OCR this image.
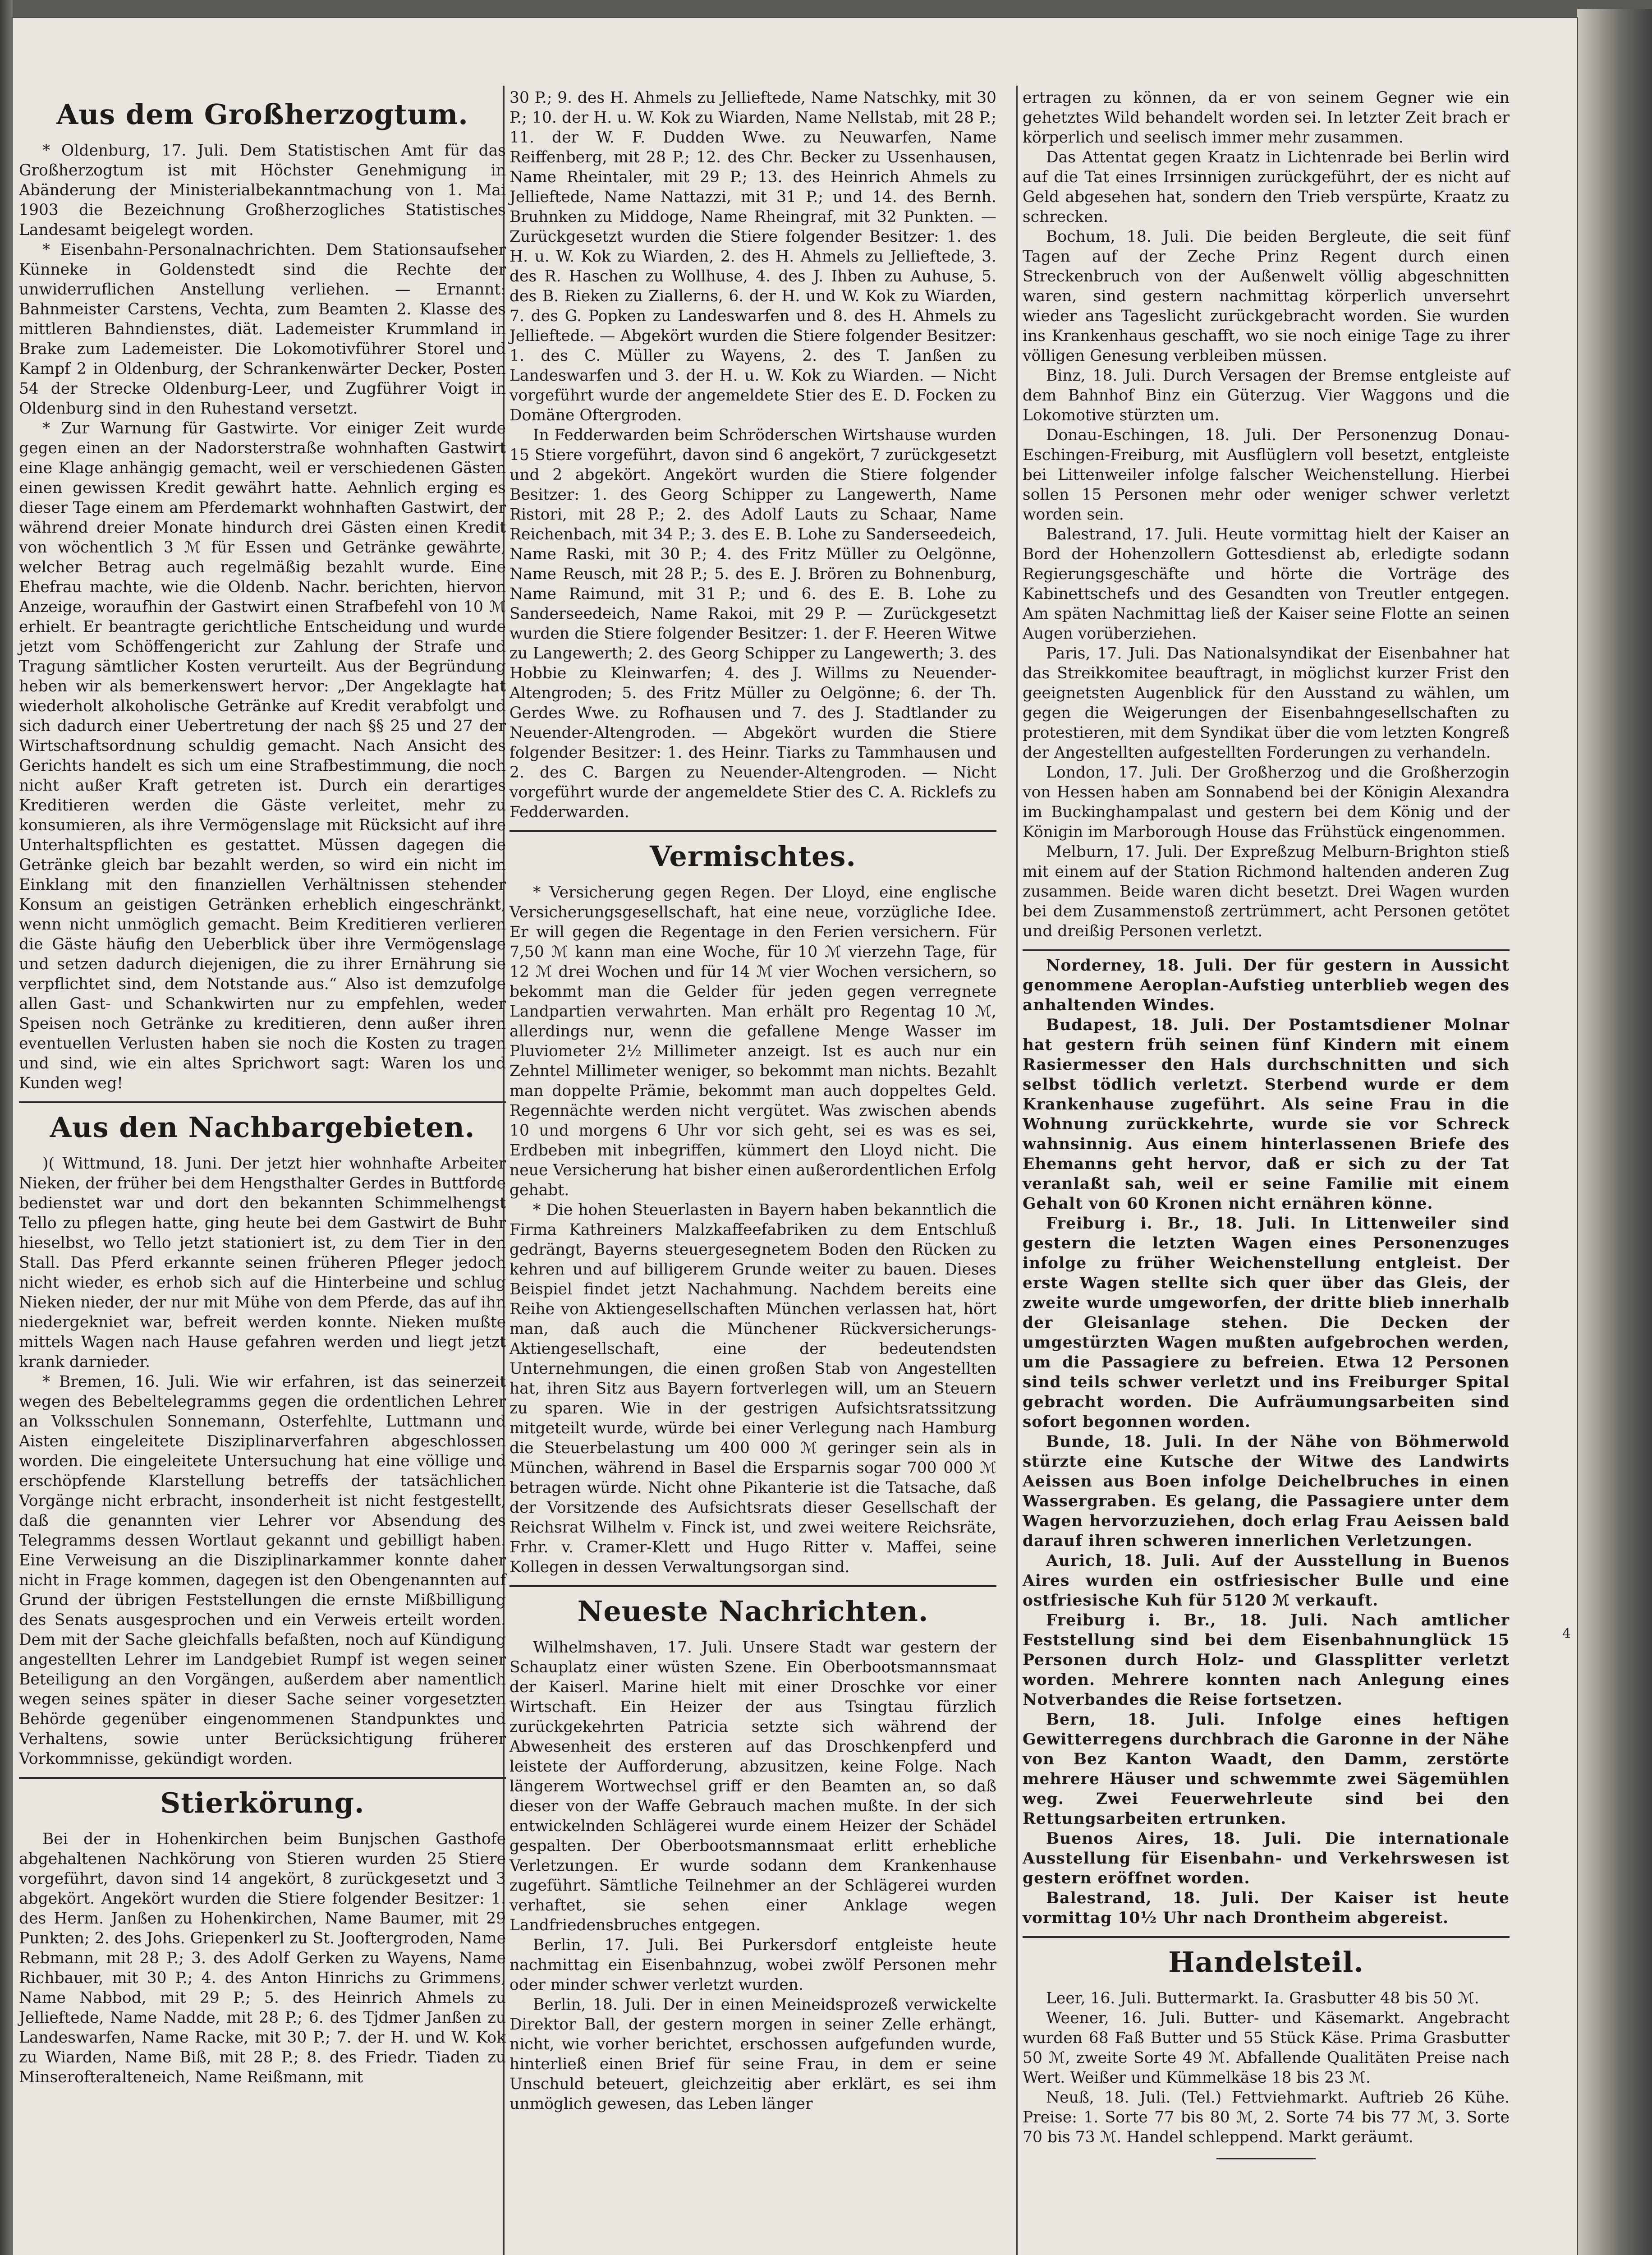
Aus dem Großherzogtum.

* Oldenburg, 17. Juli. Dem Statistischen Amt für das Großherzogtum ist mit Höchster Genehmigung in Abänderung der Ministerialbekanntmachung von 1. Mai 1903 die Bezeichnung Großherzogliches Statistisches Landesamt beigelegt worden.

* Eisenbahn-Personalnachrichten. Dem Stationsaufseher Künneke in Goldenstedt sind die Rechte der unwiderruflichen Anstellung verliehen. — Ernannt: Bahnmeister Carstens, Vechta, zum Beamten 2. Klasse des mittleren Bahndienstes, diät. Lademeister Krummland in Brake zum Lademeister. Die Lokomotivführer Storel und Kampf 2 in Oldenburg, der Schrankenwärter Decker, Posten 54 der Strecke Oldenburg-Leer, und Zugführer Voigt in Oldenburg sind in den Ruhestand versetzt.

* Zur Warnung für Gastwirte. Vor einiger Zeit wurde gegen einen an der Nadorsterstraße wohnhaften Gastwirt eine Klage anhängig gemacht, weil er verschiedenen Gästen einen gewissen Kredit gewährt hatte. Aehnlich erging es dieser Tage einem am Pferdemarkt wohnhaften Gastwirt, der während dreier Monate hindurch drei Gästen einen Kredit von wöchentlich 3 ℳ für Essen und Getränke gewährte, welcher Betrag auch regelmäßig bezahlt wurde. Eine Ehefrau machte, wie die Oldenb. Nachr. berichten, hiervon Anzeige, woraufhin der Gastwirt einen Strafbefehl von 10 ℳ erhielt. Er beantragte gerichtliche Entscheidung und wurde jetzt vom Schöffengericht zur Zahlung der Strafe und Tragung sämtlicher Kosten verurteilt. Aus der Begründung heben wir als bemerkenswert hervor: „Der Angeklagte hat wiederholt alkoholische Getränke auf Kredit verabfolgt und sich dadurch einer Uebertretung der nach §§ 25 und 27 der Wirtschaftsordnung schuldig gemacht. Nach Ansicht des Gerichts handelt es sich um eine Strafbestimmung, die noch nicht außer Kraft getreten ist. Durch ein derartiges Kreditieren werden die Gäste verleitet, mehr zu konsumieren, als ihre Vermögenslage mit Rücksicht auf ihre Unterhaltspflichten es gestattet. Müssen dagegen die Getränke gleich bar bezahlt werden, so wird ein nicht im Einklang mit den finanziellen Verhältnissen stehender Konsum an geistigen Getränken erheblich eingeschränkt, wenn nicht unmöglich gemacht. Beim Kreditieren verlieren die Gäste häufig den Ueberblick über ihre Vermögenslage und setzen dadurch diejenigen, die zu ihrer Ernährung sie verpflichtet sind, dem Notstande aus.“ Also ist demzufolge allen Gast- und Schankwirten nur zu empfehlen, weder Speisen noch Getränke zu kreditieren, denn außer ihren eventuellen Verlusten haben sie noch die Kosten zu tragen und sind, wie ein altes Sprichwort sagt: Waren los und Kunden weg!

Aus den Nachbargebieten.

)( Wittmund, 18. Juni. Der jetzt hier wohnhafte Arbeiter Nieken, der früher bei dem Hengsthalter Gerdes in Buttforde bedienstet war und dort den bekannten Schimmelhengst Tello zu pflegen hatte, ging heute bei dem Gastwirt de Buhr hieselbst, wo Tello jetzt stationiert ist, zu dem Tier in den Stall. Das Pferd erkannte seinen früheren Pfleger jedoch nicht wieder, es erhob sich auf die Hinterbeine und schlug Nieken nieder, der nur mit Mühe von dem Pferde, das auf ihn niedergekniet war, befreit werden konnte. Nieken mußte mittels Wagen nach Hause gefahren werden und liegt jetzt krank darnieder.

* Bremen, 16. Juli. Wie wir erfahren, ist das seinerzeit wegen des Bebeltelegramms gegen die ordentlichen Lehrer an Volksschulen Sonnemann, Osterfehlte, Luttmann und Aisten eingeleitete Disziplinarverfahren abgeschlossen worden. Die eingeleitete Untersuchung hat eine völlige und erschöpfende Klarstellung betreffs der tatsächlichen Vorgänge nicht erbracht, insonderheit ist nicht festgestellt, daß die genannten vier Lehrer vor Absendung des Telegramms dessen Wortlaut gekannt und gebilligt haben. Eine Verweisung an die Disziplinarkammer konnte daher nicht in Frage kommen, dagegen ist den Obengenannten auf Grund der übrigen Feststellungen die ernste Mißbilligung des Senats ausgesprochen und ein Verweis erteilt worden. Dem mit der Sache gleichfalls befaßten, noch auf Kündigung angestellten Lehrer im Landgebiet Rumpf ist wegen seiner Beteiligung an den Vorgängen, außerdem aber namentlich wegen seines später in dieser Sache seiner vorgesetzten Behörde gegenüber eingenommenen Standpunktes und Verhaltens, sowie unter Berücksichtigung früherer Vorkommnisse, gekündigt worden.

Stierkörung.

Bei der in Hohenkirchen beim Bunjschen Gasthofe abgehaltenen Nachkörung von Stieren wurden 25 Stiere vorgeführt, davon sind 14 angekört, 8 zurückgesetzt und 3 abgekört. Angekört wurden die Stiere folgender Besitzer: 1. des Herm. Janßen zu Hohenkirchen, Name Baumer, mit 29 Punkten; 2. des Johs. Griepenkerl zu St. Jooftergroden, Name Rebmann, mit 28 P.; 3. des Adolf Gerken zu Wayens, Name Richbauer, mit 30 P.; 4. des Anton Hinrichs zu Grimmens, Name Nabbod, mit 29 P.; 5. des Heinrich Ahmels zu Jellieftede, Name Nadde, mit 28 P.; 6. des Tjdmer Janßen zu Landeswarfen, Name Racke, mit 30 P.; 7. der H. und W. Kok zu Wiarden, Name Biß, mit 28 P.; 8. des Friedr. Tiaden zu Minserofteralteneich, Name Reißmann, mit

30 P.; 9. des H. Ahmels zu Jellieftede, Name Natschky, mit 30 P.; 10. der H. u. W. Kok zu Wiarden, Name Nellstab, mit 28 P.; 11. der W. F. Dudden Wwe. zu Neuwarfen, Name Reiffenberg, mit 28 P.; 12. des Chr. Becker zu Ussenhausen, Name Rheintaler, mit 29 P.; 13. des Heinrich Ahmels zu Jellieftede, Name Nattazzi, mit 31 P.; und 14. des Bernh. Bruhnken zu Middoge, Name Rheingraf, mit 32 Punkten. — Zurückgesetzt wurden die Stiere folgender Besitzer: 1. des H. u. W. Kok zu Wiarden, 2. des H. Ahmels zu Jellieftede, 3. des R. Haschen zu Wollhuse, 4. des J. Ihben zu Auhuse, 5. des B. Rieken zu Ziallerns, 6. der H. und W. Kok zu Wiarden, 7. des G. Popken zu Landeswarfen und 8. des H. Ahmels zu Jellieftede. — Abgekört wurden die Stiere folgender Besitzer: 1. des C. Müller zu Wayens, 2. des T. Janßen zu Landeswarfen und 3. der H. u. W. Kok zu Wiarden. — Nicht vorgeführt wurde der angemeldete Stier des E. D. Focken zu Domäne Oftergroden.

In Fedderwarden beim Schröderschen Wirtshause wurden 15 Stiere vorgeführt, davon sind 6 angekört, 7 zurückgesetzt und 2 abgekört. Angekört wurden die Stiere folgender Besitzer: 1. des Georg Schipper zu Langewerth, Name Ristori, mit 28 P.; 2. des Adolf Lauts zu Schaar, Name Reichenbach, mit 34 P.; 3. des E. B. Lohe zu Sanderseedeich, Name Raski, mit 30 P.; 4. des Fritz Müller zu Oelgönne, Name Reusch, mit 28 P.; 5. des E. J. Brören zu Bohnenburg, Name Raimund, mit 31 P.; und 6. des E. B. Lohe zu Sanderseedeich, Name Rakoi, mit 29 P. — Zurückgesetzt wurden die Stiere folgender Besitzer: 1. der F. Heeren Witwe zu Langewerth; 2. des Georg Schipper zu Langewerth; 3. des Hobbie zu Kleinwarfen; 4. des J. Willms zu Neuender-Altengroden; 5. des Fritz Müller zu Oelgönne; 6. der Th. Gerdes Wwe. zu Rofhausen und 7. des J. Stadtlander zu Neuender-Altengroden. — Abgekört wurden die Stiere folgender Besitzer: 1. des Heinr. Tiarks zu Tammhausen und 2. des C. Bargen zu Neuender-Altengroden. — Nicht vorgeführt wurde der angemeldete Stier des C. A. Ricklefs zu Fedderwarden.

Vermischtes.

* Versicherung gegen Regen. Der Lloyd, eine englische Versicherungsgesellschaft, hat eine neue, vorzügliche Idee. Er will gegen die Regentage in den Ferien versichern. Für 7,50 ℳ kann man eine Woche, für 10 ℳ vierzehn Tage, für 12 ℳ drei Wochen und für 14 ℳ vier Wochen versichern, so bekommt man die Gelder für jeden gegen verregnete Landpartien verwahrten. Man erhält pro Regentag 10 ℳ, allerdings nur, wenn die gefallene Menge Wasser im Pluviometer 2½ Millimeter anzeigt. Ist es auch nur ein Zehntel Millimeter weniger, so bekommt man nichts. Bezahlt man doppelte Prämie, bekommt man auch doppeltes Geld. Regennächte werden nicht vergütet. Was zwischen abends 10 und morgens 6 Uhr vor sich geht, sei es was es sei, Erdbeben mit inbegriffen, kümmert den Lloyd nicht. Die neue Versicherung hat bisher einen außerordentlichen Erfolg gehabt.

* Die hohen Steuerlasten in Bayern haben bekanntlich die Firma Kathreiners Malzkaffeefabriken zu dem Entschluß gedrängt, Bayerns steuergesegnetem Boden den Rücken zu kehren und auf billigerem Grunde weiter zu bauen. Dieses Beispiel findet jetzt Nachahmung. Nachdem bereits eine Reihe von Aktiengesellschaften München verlassen hat, hört man, daß auch die Münchener Rückversicherungs-Aktiengesellschaft, eine der bedeutendsten Unternehmungen, die einen großen Stab von Angestellten hat, ihren Sitz aus Bayern fortverlegen will, um an Steuern zu sparen. Wie in der gestrigen Aufsichtsratssitzung mitgeteilt wurde, würde bei einer Verlegung nach Hamburg die Steuerbelastung um 400 000 ℳ geringer sein als in München, während in Basel die Ersparnis sogar 700 000 ℳ betragen würde. Nicht ohne Pikanterie ist die Tatsache, daß der Vorsitzende des Aufsichtsrats dieser Gesellschaft der Reichsrat Wilhelm v. Finck ist, und zwei weitere Reichsräte, Frhr. v. Cramer-Klett und Hugo Ritter v. Maffei, seine Kollegen in dessen Verwaltungsorgan sind.

Neueste Nachrichten.

Wilhelmshaven, 17. Juli. Unsere Stadt war gestern der Schauplatz einer wüsten Szene. Ein Oberbootsmannsmaat der Kaiserl. Marine hielt mit einer Droschke vor einer Wirtschaft. Ein Heizer der aus Tsingtau fürzlich zurückgekehrten Patricia setzte sich während der Abwesenheit des ersteren auf das Droschkenpferd und leistete der Aufforderung, abzusitzen, keine Folge. Nach längerem Wortwechsel griff er den Beamten an, so daß dieser von der Waffe Gebrauch machen mußte. In der sich entwickelnden Schlägerei wurde einem Heizer der Schädel gespalten. Der Oberbootsmannsmaat erlitt erhebliche Verletzungen. Er wurde sodann dem Krankenhause zugeführt. Sämtliche Teilnehmer an der Schlägerei wurden verhaftet, sie sehen einer Anklage wegen Landfriedensbruches entgegen.

Berlin, 17. Juli. Bei Purkersdorf entgleiste heute nachmittag ein Eisenbahnzug, wobei zwölf Personen mehr oder minder schwer verletzt wurden.

Berlin, 18. Juli. Der in einen Meineidsprozeß verwickelte Direktor Ball, der gestern morgen in seiner Zelle erhängt, nicht, wie vorher berichtet, erschossen aufgefunden wurde, hinterließ einen Brief für seine Frau, in dem er seine Unschuld beteuert, gleichzeitig aber erklärt, es sei ihm unmöglich gewesen, das Leben länger

ertragen zu können, da er von seinem Gegner wie ein gehetztes Wild behandelt worden sei. In letzter Zeit brach er körperlich und seelisch immer mehr zusammen.

Das Attentat gegen Kraatz in Lichtenrade bei Berlin wird auf die Tat eines Irrsinnigen zurückgeführt, der es nicht auf Geld abgesehen hat, sondern den Trieb verspürte, Kraatz zu schrecken.

Bochum, 18. Juli. Die beiden Bergleute, die seit fünf Tagen auf der Zeche Prinz Regent durch einen Streckenbruch von der Außenwelt völlig abgeschnitten waren, sind gestern nachmittag körperlich unversehrt wieder ans Tageslicht zurückgebracht worden. Sie wurden ins Krankenhaus geschafft, wo sie noch einige Tage zu ihrer völligen Genesung verbleiben müssen.

Binz, 18. Juli. Durch Versagen der Bremse entgleiste auf dem Bahnhof Binz ein Güterzug. Vier Waggons und die Lokomotive stürzten um.

Donau-Eschingen, 18. Juli. Der Personenzug Donau-Eschingen-Freiburg, mit Ausflüglern voll besetzt, entgleiste bei Littenweiler infolge falscher Weichenstellung. Hierbei sollen 15 Personen mehr oder weniger schwer verletzt worden sein.

Balestrand, 17. Juli. Heute vormittag hielt der Kaiser an Bord der Hohenzollern Gottesdienst ab, erledigte sodann Regierungsgeschäfte und hörte die Vorträge des Kabinettschefs und des Gesandten von Treutler entgegen. Am späten Nachmittag ließ der Kaiser seine Flotte an seinen Augen vorüberziehen.

Paris, 17. Juli. Das Nationalsyndikat der Eisenbahner hat das Streikkomitee beauftragt, in möglichst kurzer Frist den geeignetsten Augenblick für den Ausstand zu wählen, um gegen die Weigerungen der Eisenbahngesellschaften zu protestieren, mit dem Syndikat über die vom letzten Kongreß der Angestellten aufgestellten Forderungen zu verhandeln.

London, 17. Juli. Der Großherzog und die Großherzogin von Hessen haben am Sonnabend bei der Königin Alexandra im Buckinghampalast und gestern bei dem König und der Königin im Marborough House das Frühstück eingenommen.

Melburn, 17. Juli. Der Expreßzug Melburn-Brighton stieß mit einem auf der Station Richmond haltenden anderen Zug zusammen. Beide waren dicht besetzt. Drei Wagen wurden bei dem Zusammenstoß zertrümmert, acht Personen getötet und dreißig Personen verletzt.

Norderney, 18. Juli. Der für gestern in Aussicht genommene Aeroplan-Aufstieg unterblieb wegen des anhaltenden Windes.

Budapest, 18. Juli. Der Postamtsdiener Molnar hat gestern früh seinen fünf Kindern mit einem Rasiermesser den Hals durchschnitten und sich selbst tödlich verletzt. Sterbend wurde er dem Krankenhause zugeführt. Als seine Frau in die Wohnung zurückkehrte, wurde sie vor Schreck wahnsinnig. Aus einem hinterlassenen Briefe des Ehemanns geht hervor, daß er sich zu der Tat veranlaßt sah, weil er seine Familie mit einem Gehalt von 60 Kronen nicht ernähren könne.

Freiburg i. Br., 18. Juli. In Littenweiler sind gestern die letzten Wagen eines Personenzuges infolge zu früher Weichenstellung entgleist. Der erste Wagen stellte sich quer über das Gleis, der zweite wurde umgeworfen, der dritte blieb innerhalb der Gleisanlage stehen. Die Decken der umgestürzten Wagen mußten aufgebrochen werden, um die Passagiere zu befreien. Etwa 12 Personen sind teils schwer verletzt und ins Freiburger Spital gebracht worden. Die Aufräumungsarbeiten sind sofort begonnen worden.

Bunde, 18. Juli. In der Nähe von Böhmerwold stürzte eine Kutsche der Witwe des Landwirts Aeissen aus Boen infolge Deichelbruches in einen Wassergraben. Es gelang, die Passagiere unter dem Wagen hervorzuziehen, doch erlag Frau Aeissen bald darauf ihren schweren innerlichen Verletzungen.

Aurich, 18. Juli. Auf der Ausstellung in Buenos Aires wurden ein ostfriesischer Bulle und eine ostfriesische Kuh für 5120 ℳ verkauft.

Freiburg i. Br., 18. Juli. Nach amtlicher Feststellung sind bei dem Eisenbahnunglück 15 Personen durch Holz- und Glassplitter verletzt worden. Mehrere konnten nach Anlegung eines Notverbandes die Reise fortsetzen.

Bern, 18. Juli. Infolge eines heftigen Gewitterregens durchbrach die Garonne in der Nähe von Bez Kanton Waadt, den Damm, zerstörte mehrere Häuser und schwemmte zwei Sägemühlen weg. Zwei Feuerwehrleute sind bei den Rettungsarbeiten ertrunken.

Buenos Aires, 18. Juli. Die internationale Ausstellung für Eisenbahn- und Verkehrswesen ist gestern eröffnet worden.

Balestrand, 18. Juli. Der Kaiser ist heute vormittag 10½ Uhr nach Drontheim abgereist.

Handelsteil.

Leer, 16. Juli. Buttermarkt. Ia. Grasbutter 48 bis 50 ℳ.

Weener, 16. Juli. Butter- und Käsemarkt. Angebracht wurden 68 Faß Butter und 55 Stück Käse. Prima Grasbutter 50 ℳ, zweite Sorte 49 ℳ. Abfallende Qualitäten Preise nach Wert. Weißer und Kümmelkäse 18 bis 23 ℳ.

Neuß, 18. Juli. (Tel.) Fettviehmarkt. Auftrieb 26 Kühe. Preise: 1. Sorte 77 bis 80 ℳ, 2. Sorte 74 bis 77 ℳ, 3. Sorte 70 bis 73 ℳ. Handel schleppend. Markt geräumt.

4
